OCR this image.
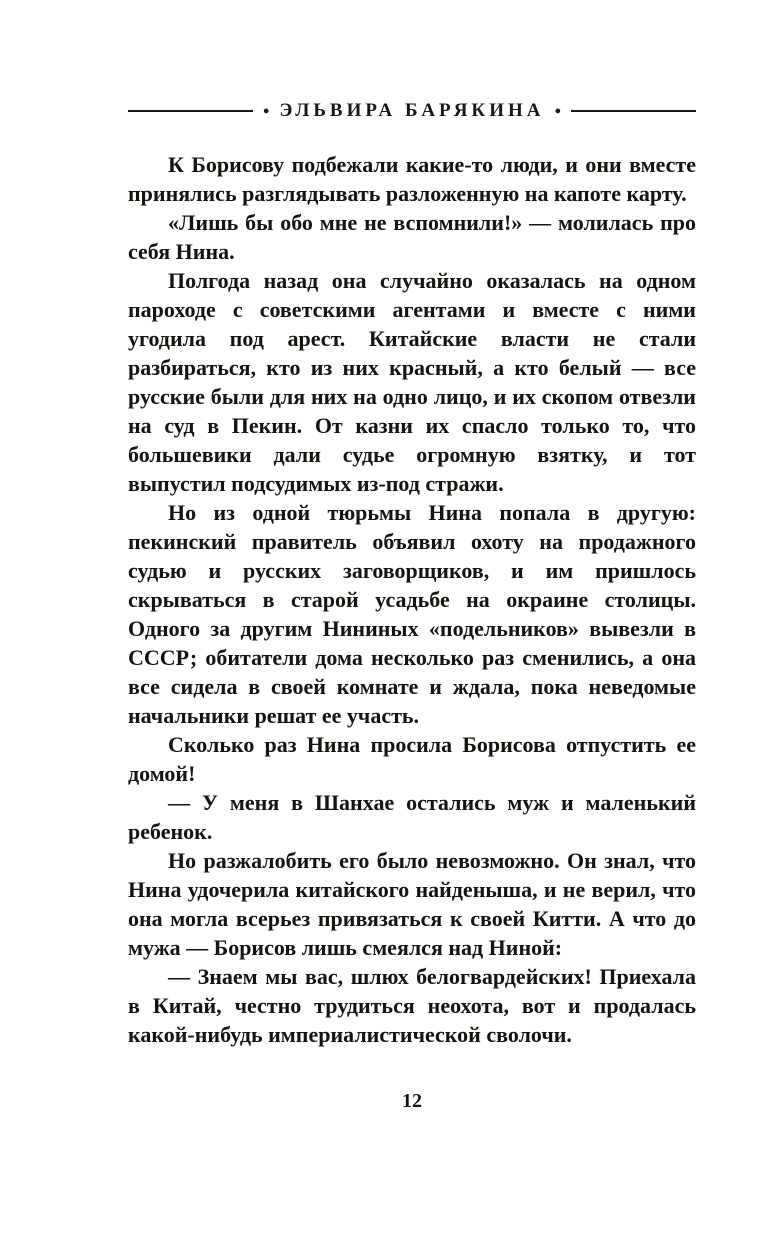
● ЭЛЬВИРА БАРЯКИНА ●

К Борисову подбежали какие-то люди, и они вместе принялись разглядывать разложенную на капоте карту.

«Лишь бы обо мне не вспомнили!» — молилась про себя Нина.

Полгода назад она случайно оказалась на одном пароходе с советскими агентами и вместе с ними угодила под арест. Китайские власти не стали разбираться, кто из них красный, а кто белый — все русские были для них на одно лицо, и их скопом отвезли на суд в Пекин. От казни их спасло только то, что большевики дали судье огромную взятку, и тот выпустил подсудимых из-под стражи.

Но из одной тюрьмы Нина попала в другую: пекинский правитель объявил охоту на продажного судью и русских заговорщиков, и им пришлось скрываться в старой усадьбе на окраине столицы. Одного за другим Нининых «подельников» вывезли в СССР; обитатели дома несколько раз сменились, а она все сидела в своей комнате и ждала, пока неведомые начальники решат ее участь.

Сколько раз Нина просила Борисова отпустить ее домой!

— У меня в Шанхае остались муж и маленький ребенок.

Но разжалобить его было невозможно. Он знал, что Нина удочерила китайского найденыша, и не верил, что она могла всерьез привязаться к своей Китти. А что до мужа — Борисов лишь смеялся над Ниной:

— Знаем мы вас, шлюх белогвардейских! Приехала в Китай, честно трудиться неохота, вот и продалась какой-нибудь империалистической сволочи.

12
